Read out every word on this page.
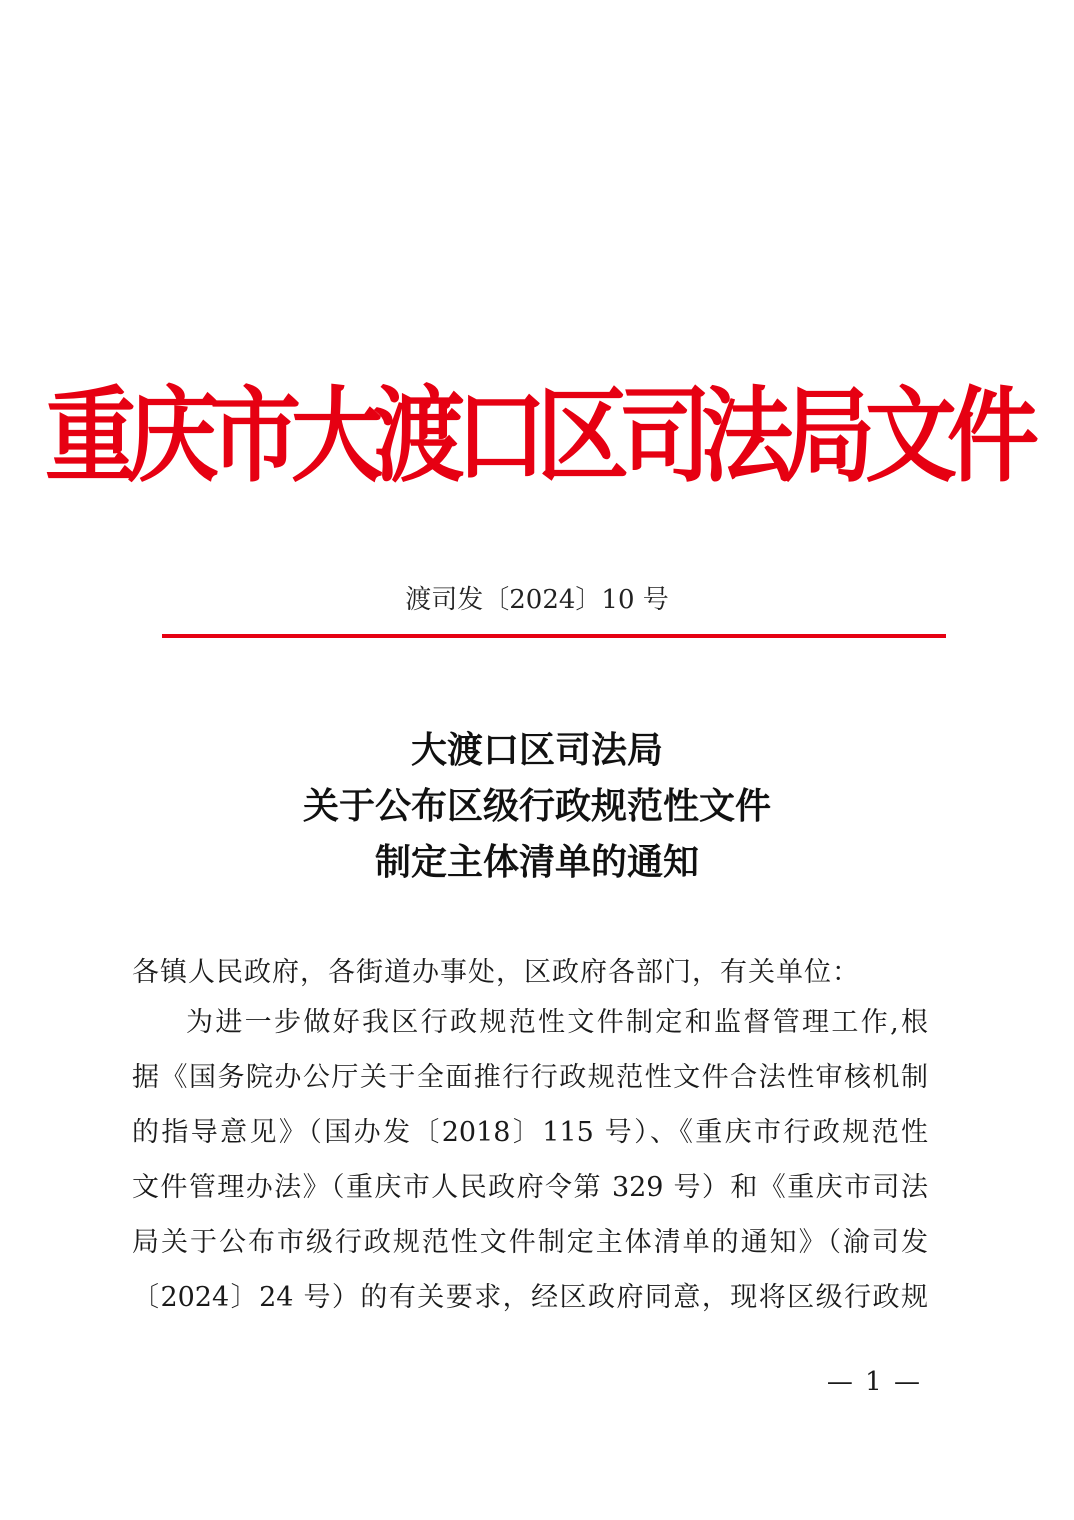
重庆市大渡口区司法局文件
渡司发〔2024〕10 号
大渡口区司法局
关于公布区级行政规范性文件
制定主体清单的通知
各镇人民政府，各街道办事处，区政府各部门，有关单位：
为进一步做好我区行政规范性文件制定和监督管理工作,根
据《国务院办公厅关于全面推行行政规范性文件合法性审核机制
的指导意见》（国办发〔2018〕115 号）、《重庆市行政规范性
文件管理办法》（重庆市人民政府令第 329 号）和《重庆市司法
局关于公布市级行政规范性文件制定主体清单的通知》（渝司发
〔2024〕24 号）的有关要求，经区政府同意，现将区级行政规
— 1 —
